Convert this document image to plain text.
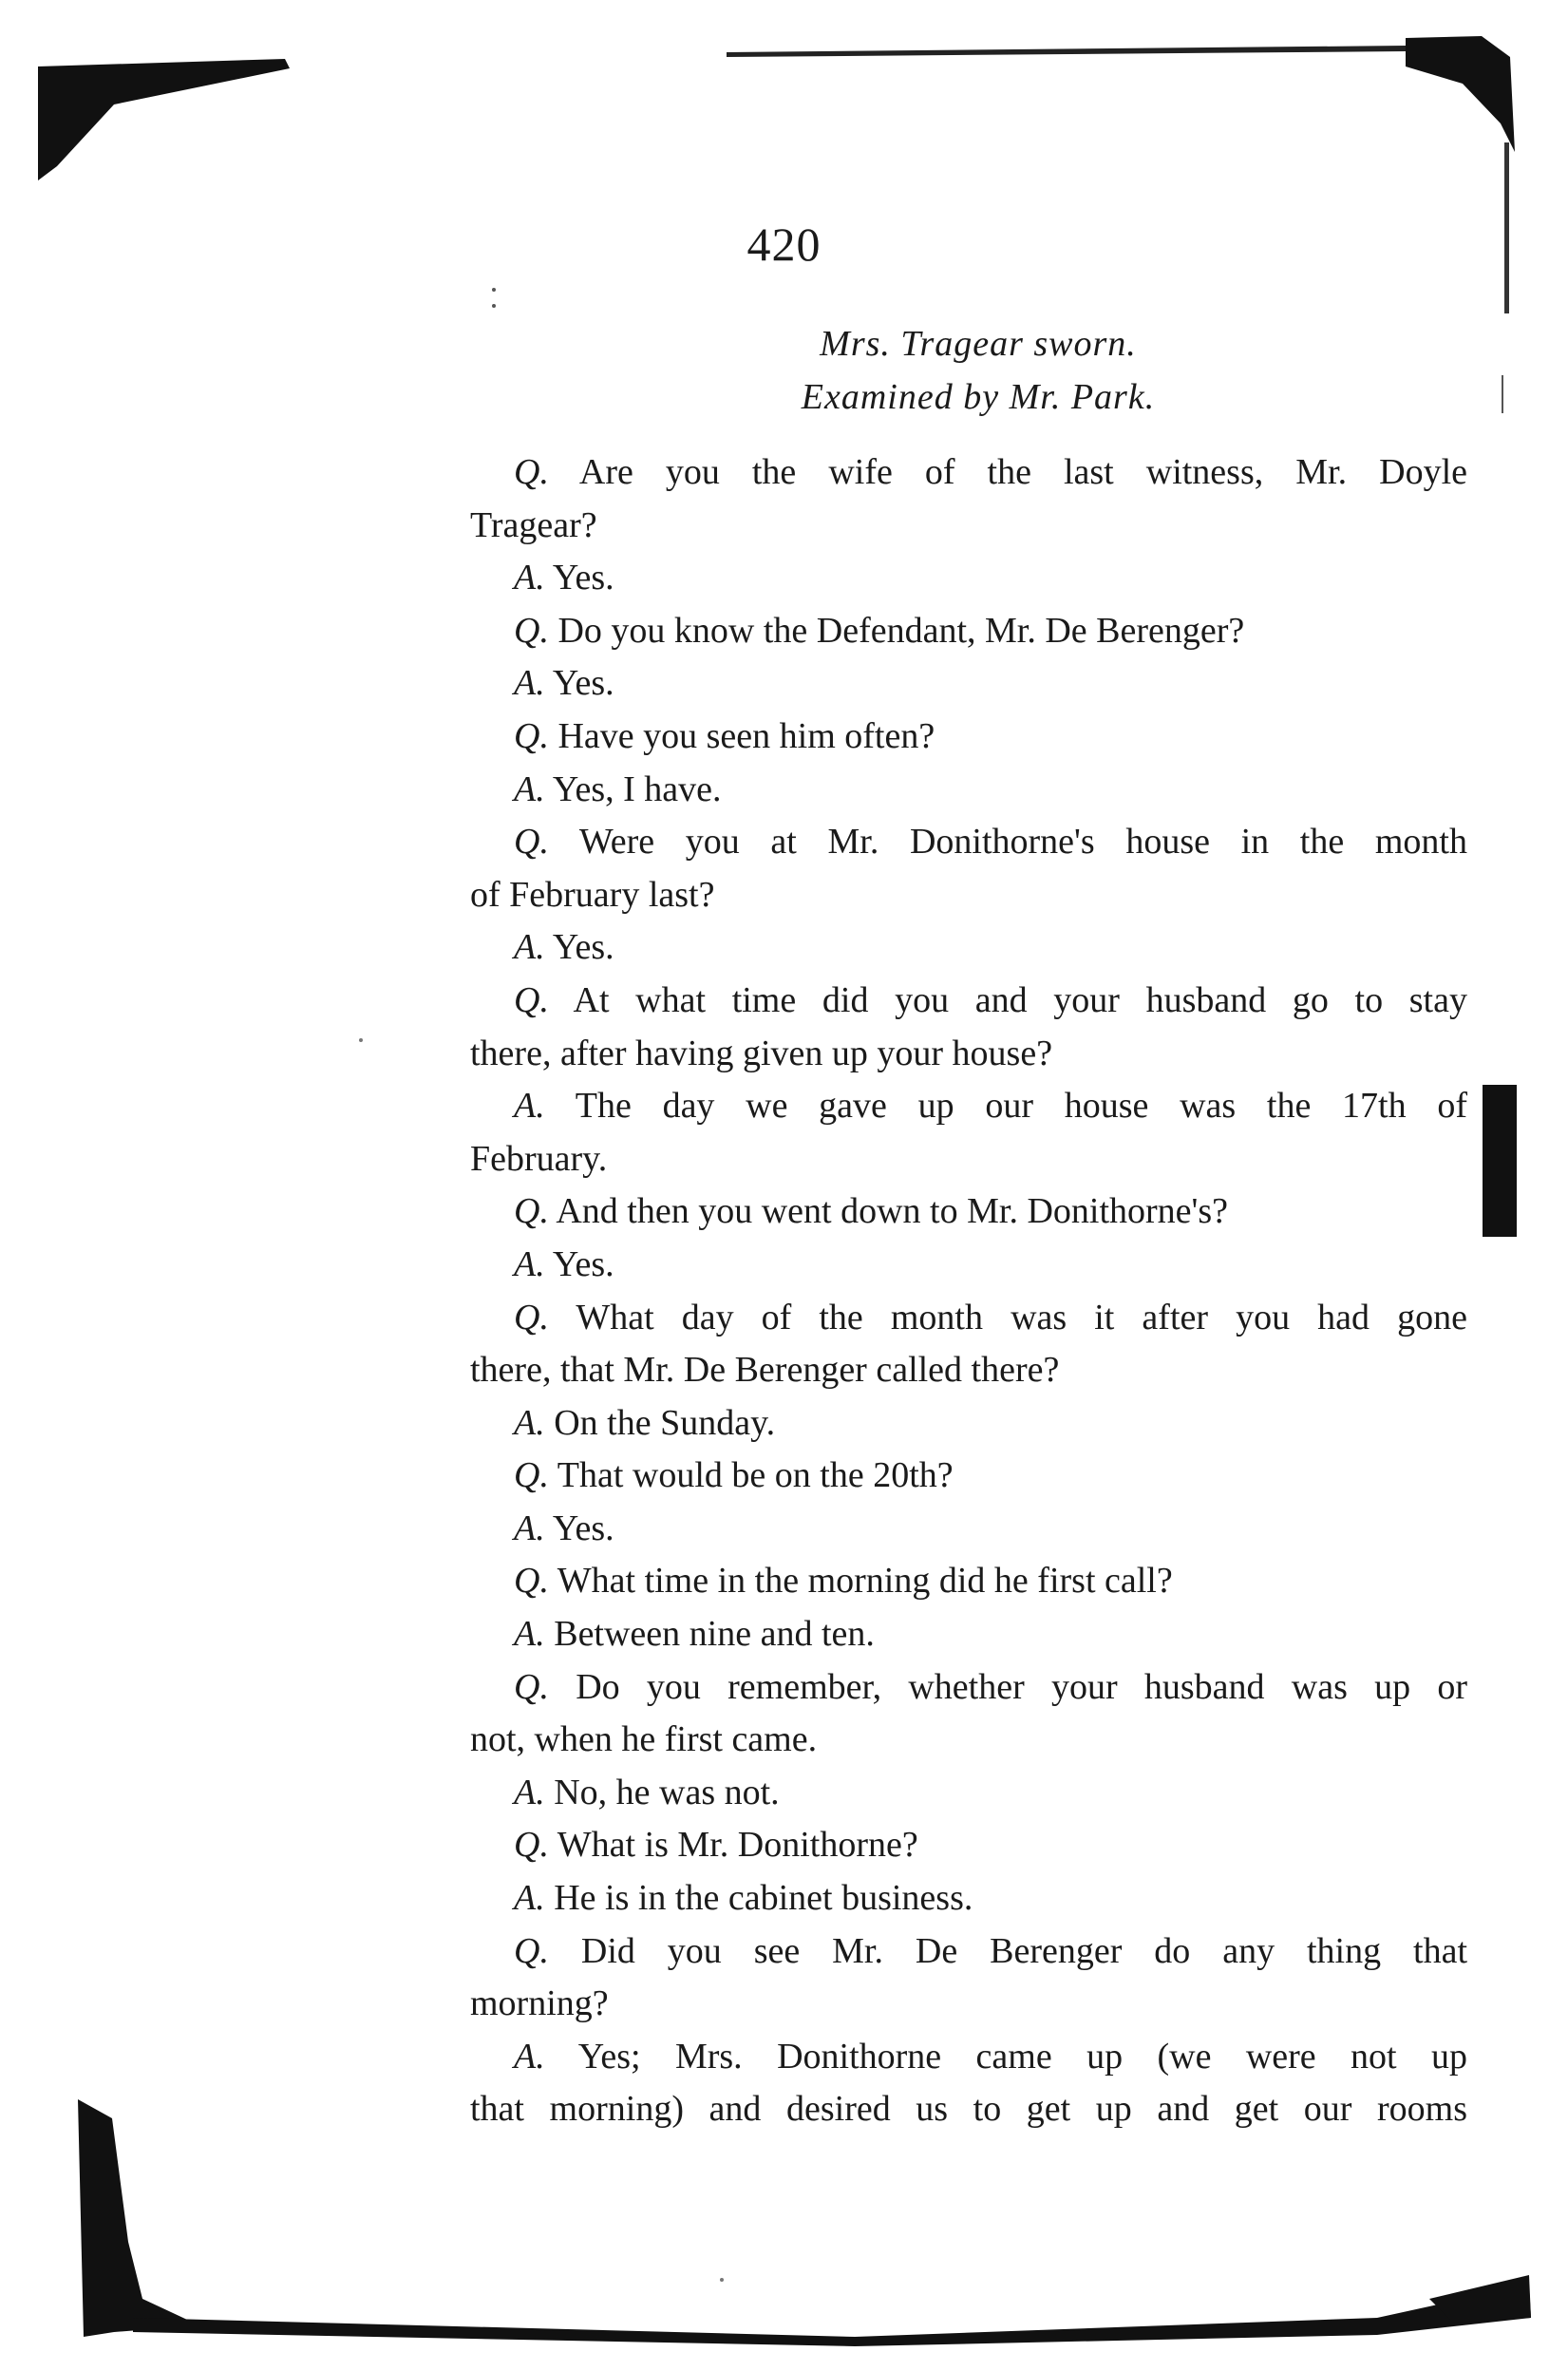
420
Mrs. Tragear sworn.
Examined by Mr. Park.
Q. Are you the wife of the last witness, Mr. Doyle
Tragear?
A. Yes.
Q. Do you know the Defendant, Mr. De Berenger?
A. Yes.
Q. Have you seen him often?
A. Yes, I have.
Q. Were you at Mr. Donithorne's house in the month
of February last?
A. Yes.
Q. At what time did you and your husband go to stay
there, after having given up your house?
A. The day we gave up our house was the 17th of
February.
Q. And then you went down to Mr. Donithorne's?
A. Yes.
Q. What day of the month was it after you had gone
there, that Mr. De Berenger called there?
A. On the Sunday.
Q. That would be on the 20th?
A. Yes.
Q. What time in the morning did he first call?
A. Between nine and ten.
Q. Do you remember, whether your husband was up or
not, when he first came.
A. No, he was not.
Q. What is Mr. Donithorne?
A. He is in the cabinet business.
Q. Did you see Mr. De Berenger do any thing that
morning?
A. Yes; Mrs. Donithorne came up (we were not up
that morning) and desired us to get up and get our rooms
